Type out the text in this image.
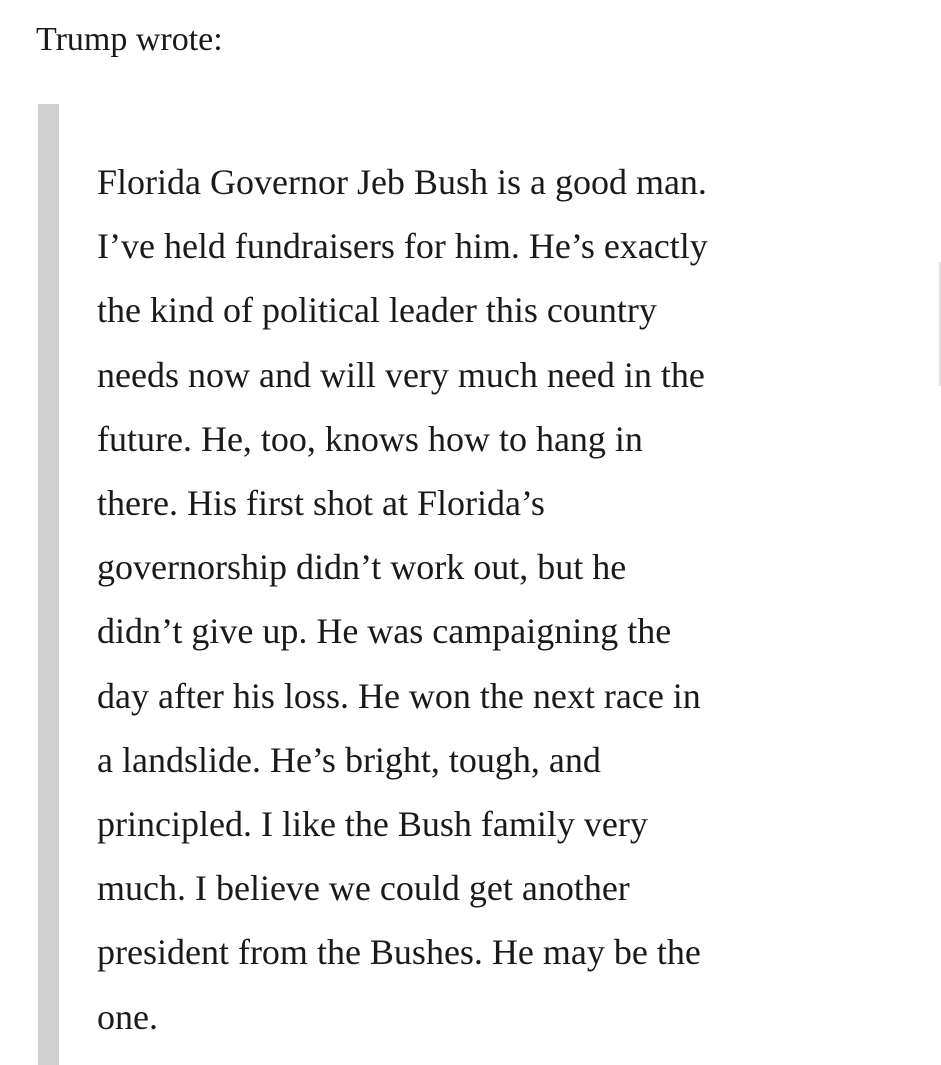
Trump wrote:

Florida Governor Jeb Bush is a good man.
I’ve held fundraisers for him. He’s exactly
the kind of political leader this country
needs now and will very much need in the
future. He, too, knows how to hang in
there. His first shot at Florida’s
governorship didn’t work out, but he
didn’t give up. He was campaigning the
day after his loss. He won the next race in
a landslide. He’s bright, tough, and
principled. I like the Bush family very
much. I believe we could get another
president from the Bushes. He may be the
one.
